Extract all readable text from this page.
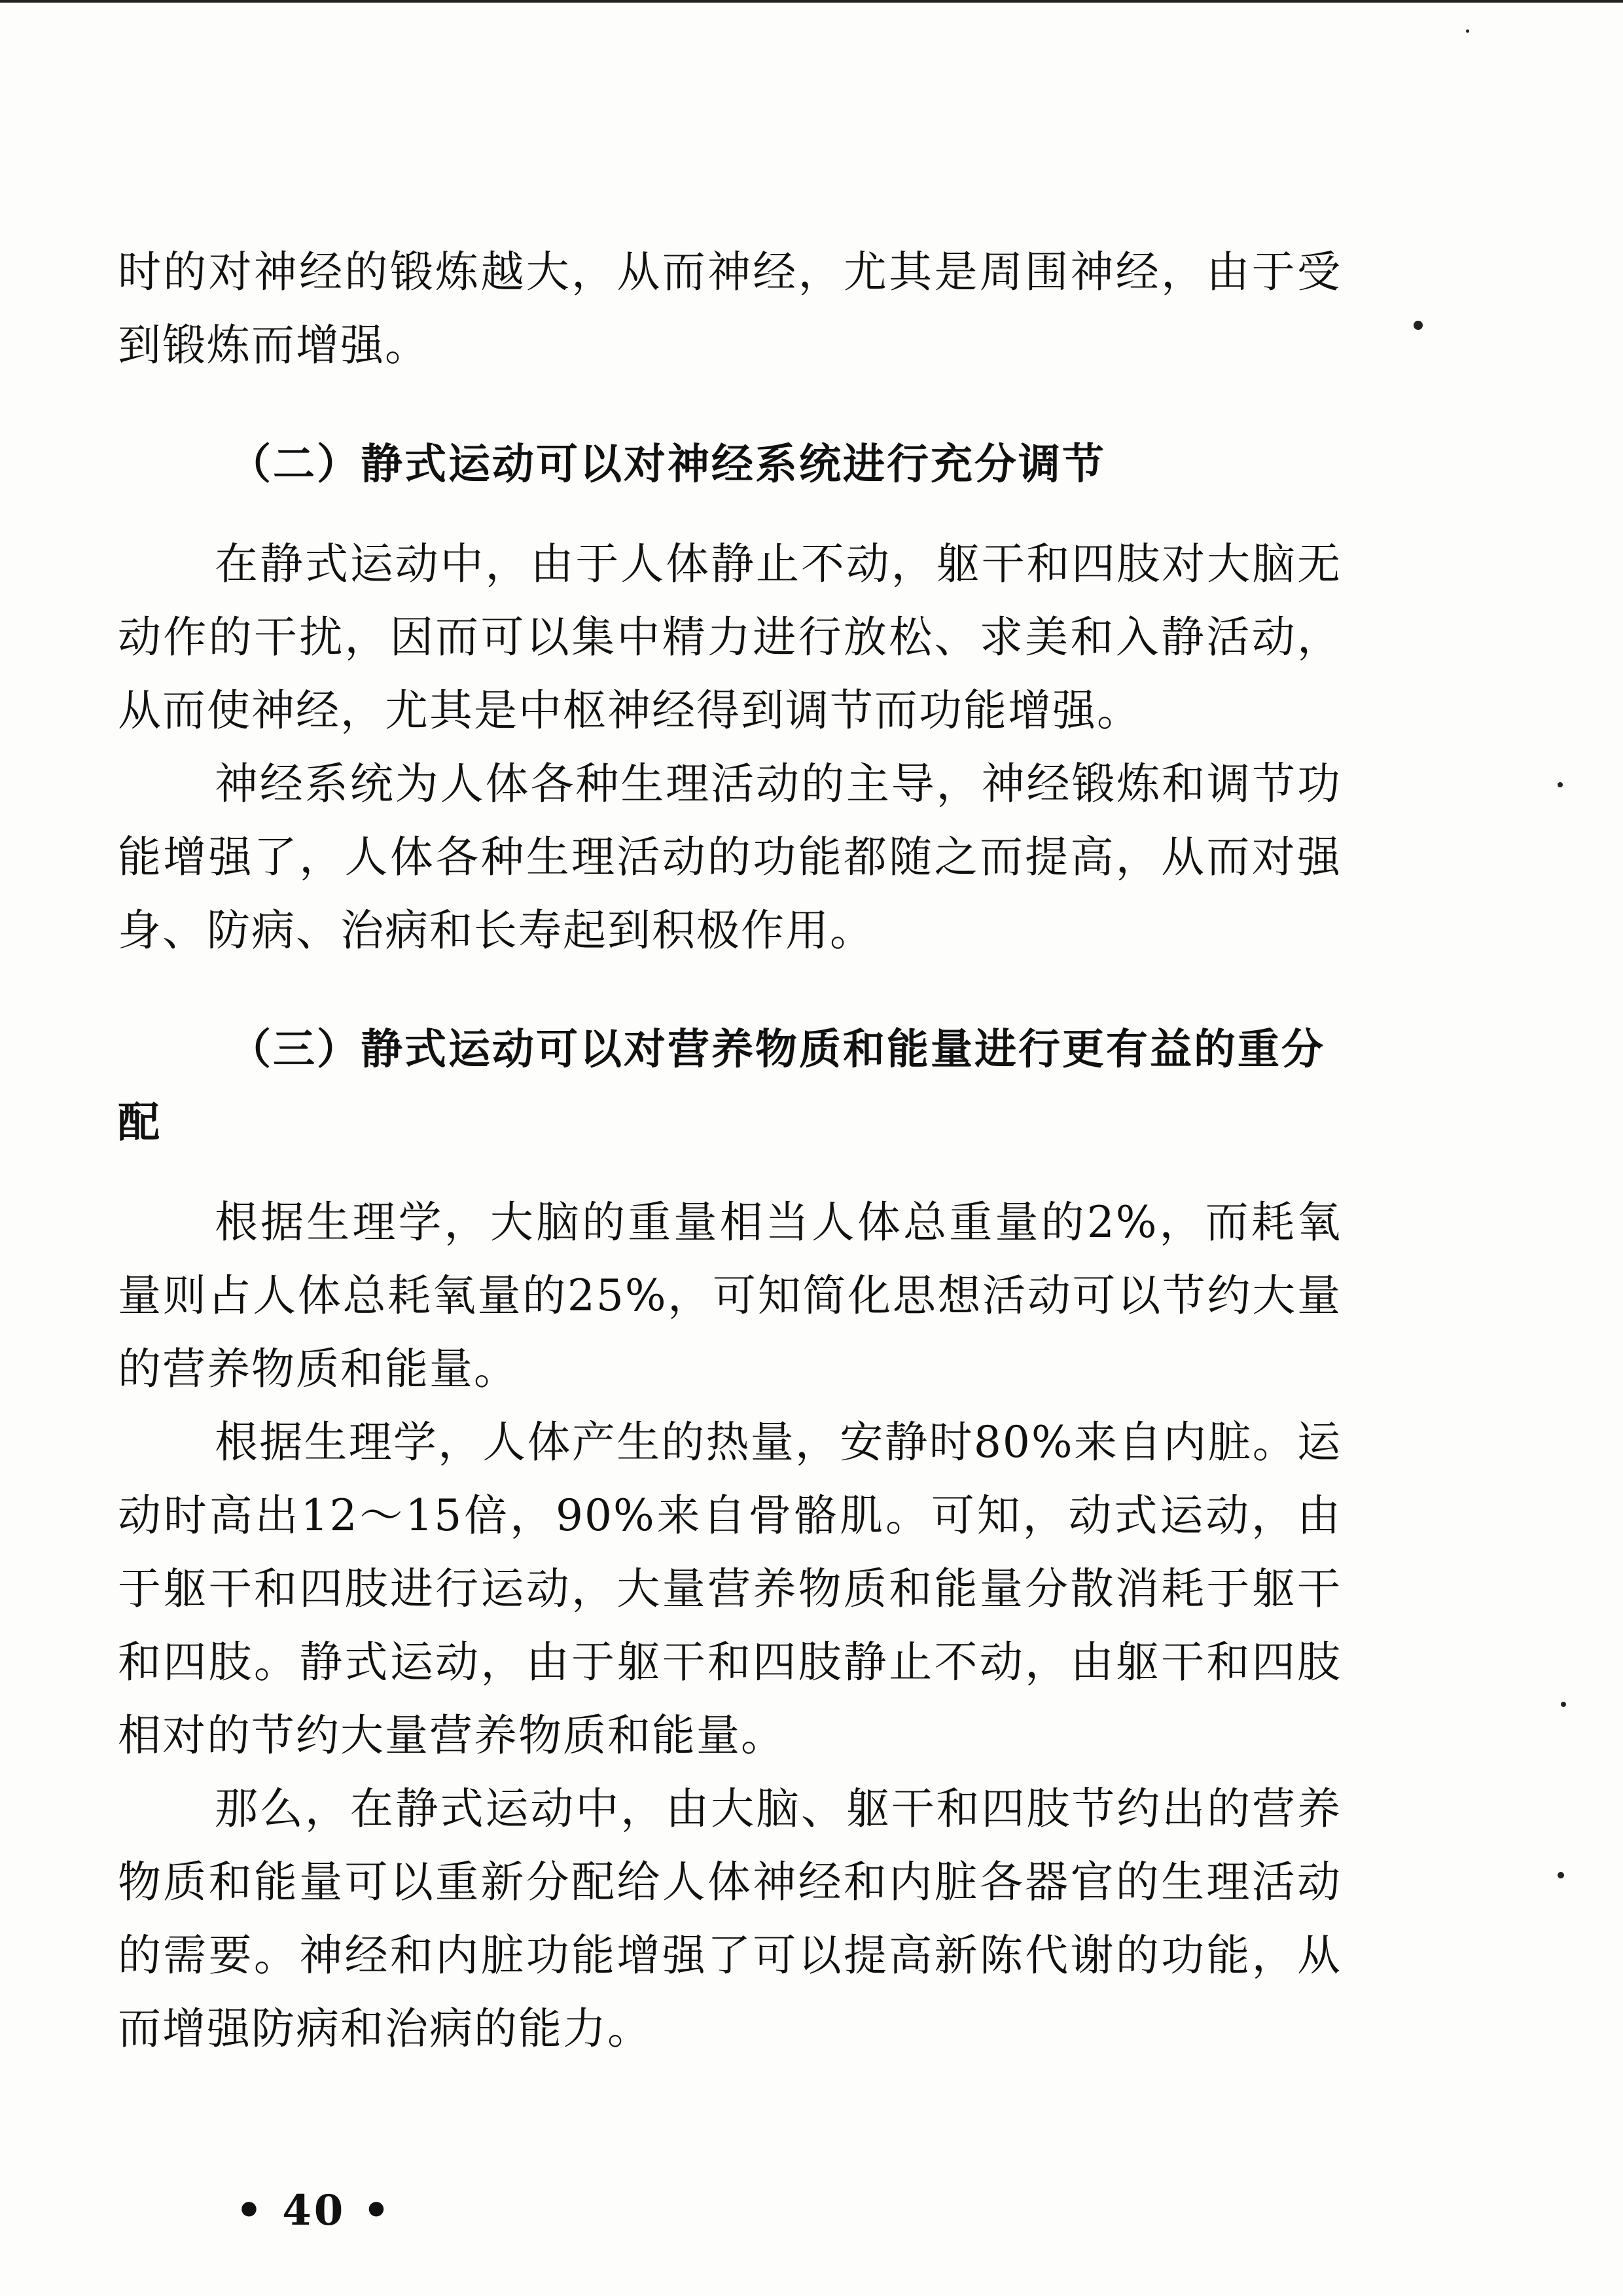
时的对神经的锻炼越大，从而神经，尤其是周围神经，由于受到锻炼而增强。

（二）静式运动可以对神经系统进行充分调节

在静式运动中，由于人体静止不动，躯干和四肢对大脑无动作的干扰，因而可以集中精力进行放松、求美和入静活动，从而使神经，尤其是中枢神经得到调节而功能增强。

神经系统为人体各种生理活动的主导，神经锻炼和调节功能增强了，人体各种生理活动的功能都随之而提高，从而对强身、防病、治病和长寿起到积极作用。

（三）静式运动可以对营养物质和能量进行更有益的重分配

根据生理学，大脑的重量相当人体总重量的2%，而耗氧量则占人体总耗氧量的25%，可知简化思想活动可以节约大量的营养物质和能量。

根据生理学，人体产生的热量，安静时80%来自内脏。运动时高出12～15倍，90%来自骨骼肌。可知，动式运动，由于躯干和四肢进行运动，大量营养物质和能量分散消耗于躯干和四肢。静式运动，由于躯干和四肢静止不动，由躯干和四肢相对的节约大量营养物质和能量。

那么，在静式运动中，由大脑、躯干和四肢节约出的营养物质和能量可以重新分配给人体神经和内脏各器官的生理活动的需要。神经和内脏功能增强了可以提高新陈代谢的功能，从而增强防病和治病的能力。

• 40 •
